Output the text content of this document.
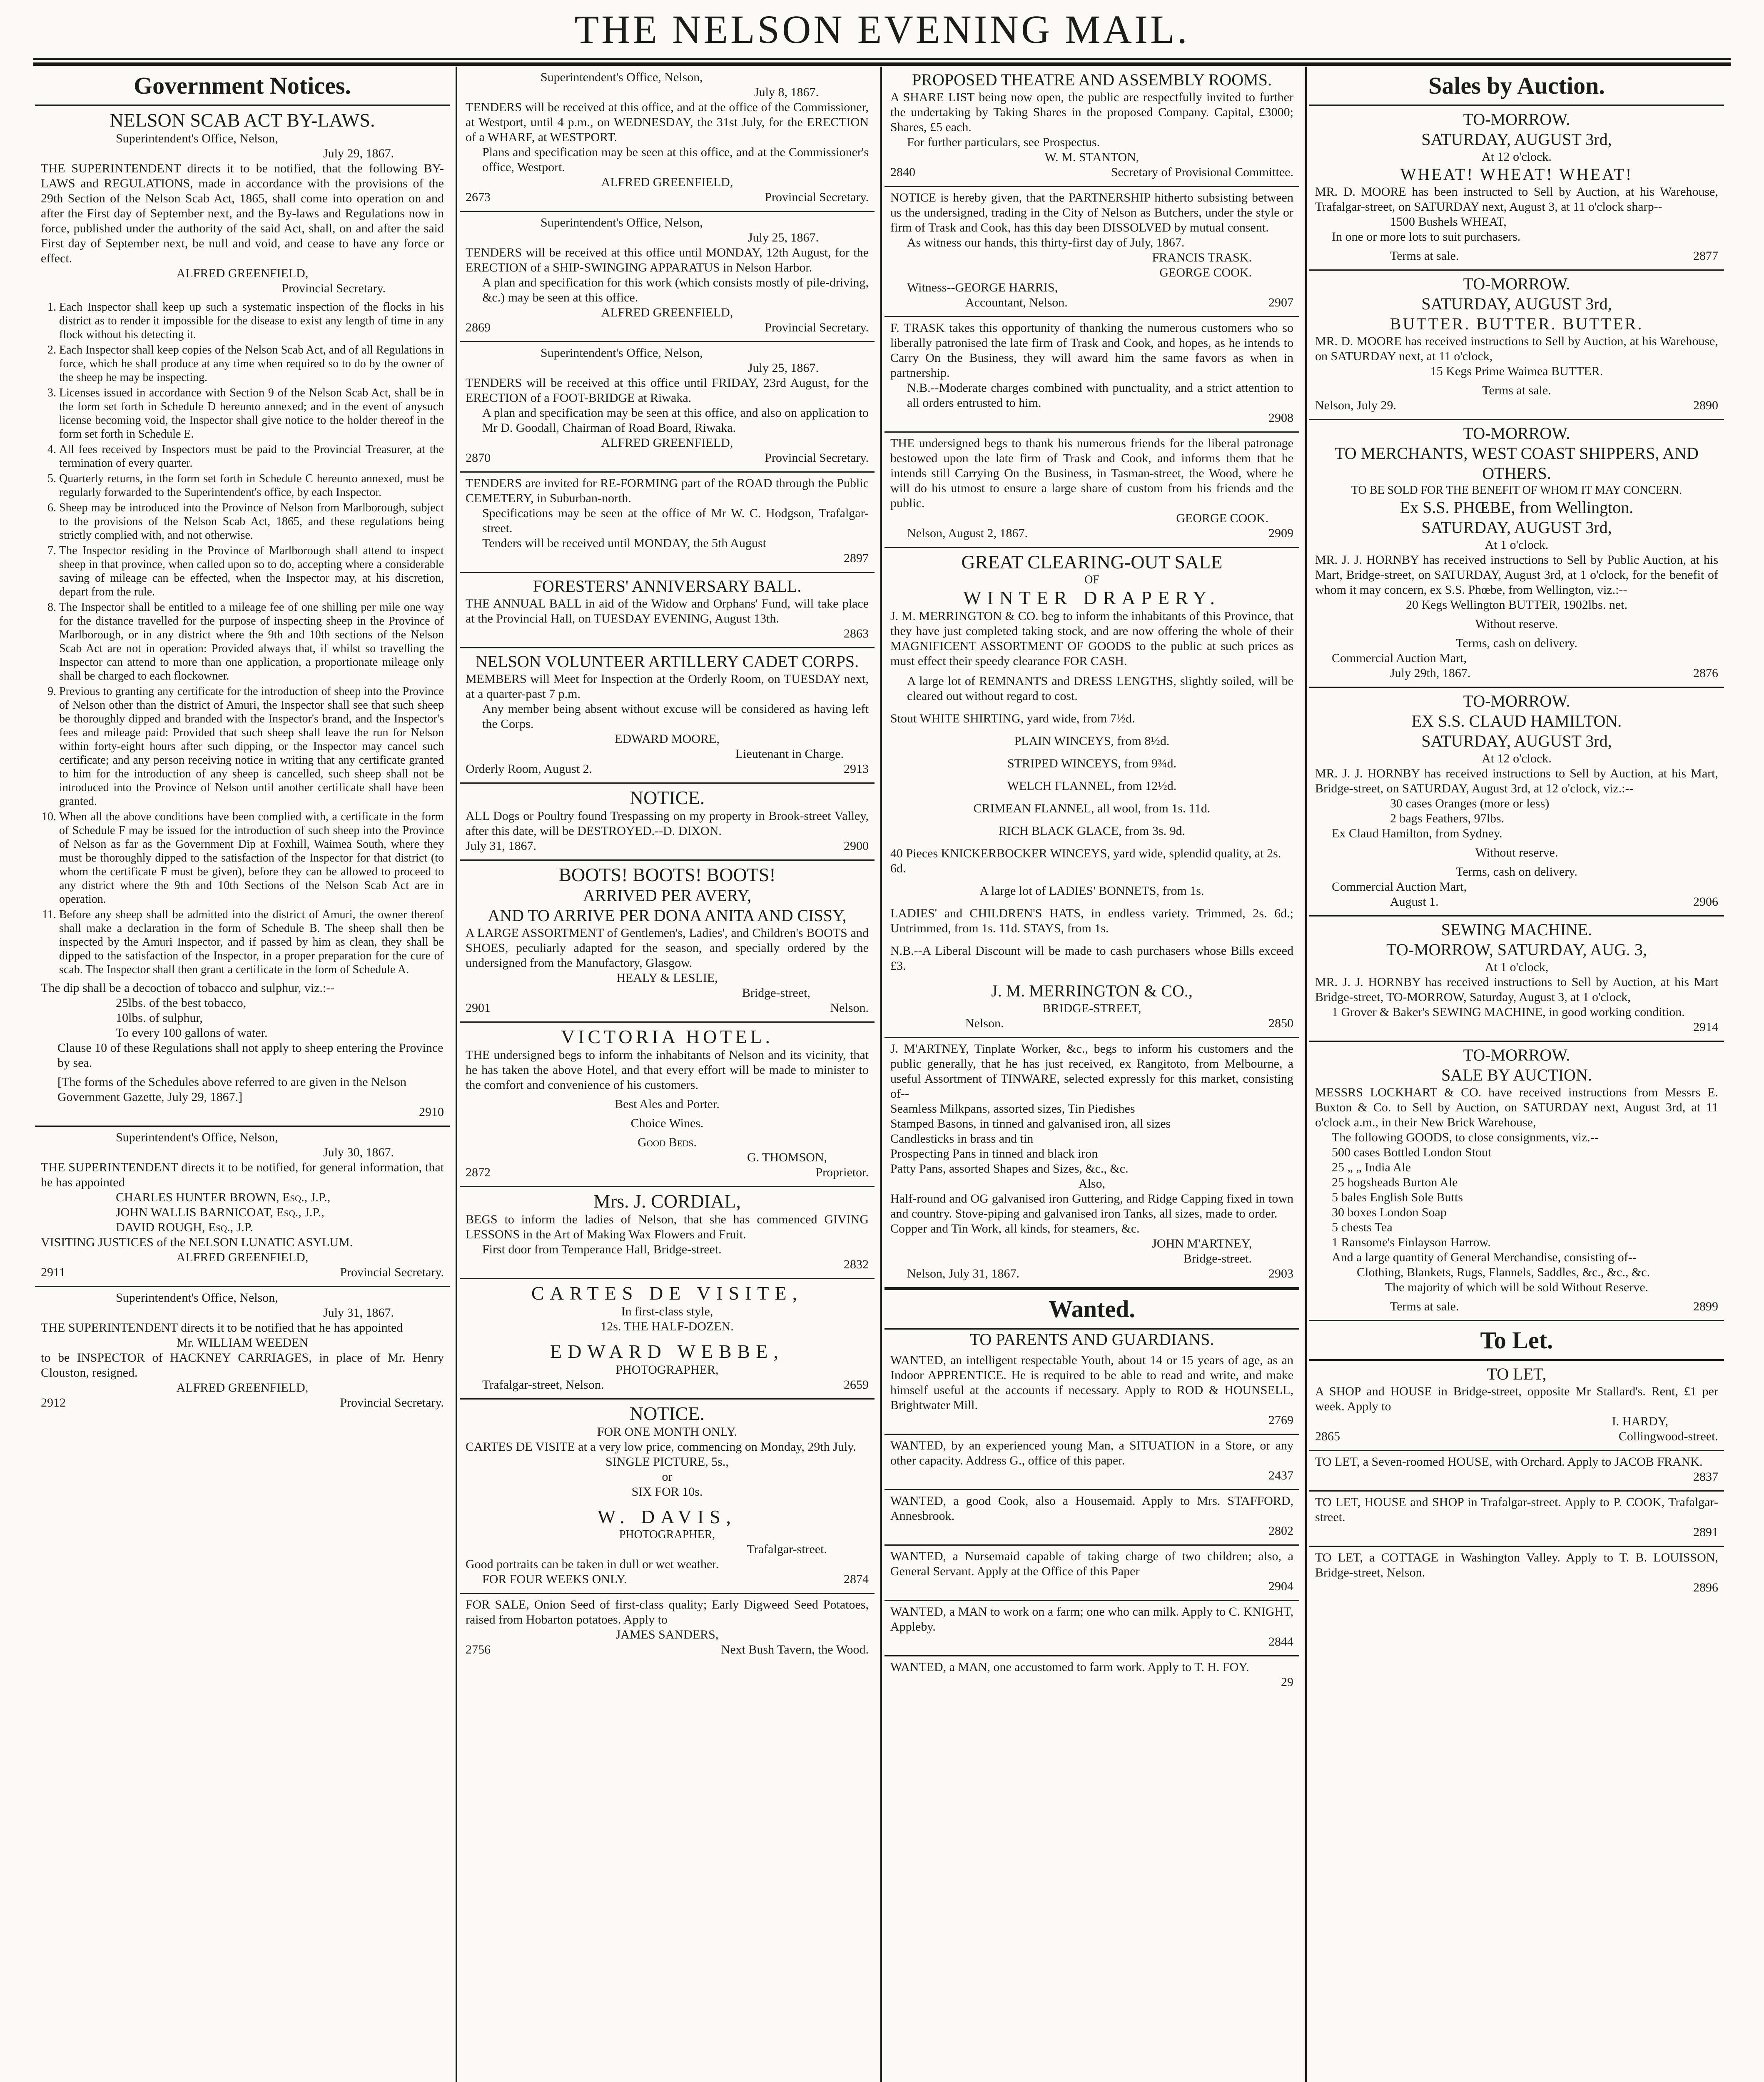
THE NELSON EVENING MAIL.
Government Notices.
NELSON SCAB ACT BY-LAWS.
Superintendent's Office, Nelson,
July 29, 1867.

THE SUPERINTENDENT directs it to be notified, that the following BY-LAWS and REGULATIONS, made in accordance with the provisions of the 29th Section of the Nelson Scab Act, 1865, shall come into operation on and after the First day of September next, and the By-laws and Regulations now in force, published under the authority of the said Act, shall, on and after the said First day of September next, be null and void, and cease to have any force or effect.

ALFRED GREENFIELD,
Provincial Secretary.
1. Each Inspector shall keep up such a systematic inspection of the flocks in his district as to render it impossible for the disease to exist any length of time in any flock without his detecting it.
2. Each Inspector shall keep copies of the Nelson Scab Act, and of all Regulations in force, which he shall produce at any time when required so to do by the owner of the sheep he may be inspecting.
3. Licenses issued in accordance with Section 9 of the Nelson Scab Act, shall be in the form set forth in Schedule D hereunto annexed; and in the event of anysuch license becoming void, the Inspector shall give notice to the holder thereof in the form set forth in Schedule E.
4. All fees received by Inspectors must be paid to the Provincial Treasurer, at the termination of every quarter.
5. Quarterly returns, in the form set forth in Schedule C hereunto annexed, must be regularly forwarded to the Superintendent's office, by each Inspector.
6. Sheep may be introduced into the Province of Nelson from Marlborough, subject to the provisions of the Nelson Scab Act, 1865, and these regulations being strictly complied with, and not otherwise.
7. The Inspector residing in the Province of Marlborough shall attend to inspect sheep in that province, when called upon so to do, accepting where a considerable saving of mileage can be effected, when the Inspector may, at his discretion, depart from the rule.
8. The Inspector shall be entitled to a mileage fee of one shilling per mile one way for the distance travelled for the purpose of inspecting sheep in the Province of Marlborough, or in any district where the 9th and 10th sections of the Nelson Scab Act are not in operation: Provided always that, if whilst so travelling the Inspector can attend to more than one application, a proportionate mileage only shall be charged to each flockowner.
9. Previous to granting any certificate for the introduction of sheep into the Province of Nelson other than the district of Amuri, the Inspector shall see that such sheep be thoroughly dipped and branded with the Inspector's brand, and the Inspector's fees and mileage paid: Provided that such sheep shall leave the run for Nelson within forty-eight hours after such dipping, or the Inspector may cancel such certificate; and any person receiving notice in writing that any certificate granted to him for the introduction of any sheep is cancelled, such sheep shall not be introduced into the Province of Nelson until another certificate shall have been granted.
10. When all the above conditions have been complied with, a certificate in the form of Schedule F may be issued for the introduction of such sheep into the Province of Nelson as far as the Government Dip at Foxhill, Waimea South, where they must be thoroughly dipped to the satisfaction of the Inspector for that district (to whom the certificate F must be given), before they can be allowed to proceed to any district where the 9th and 10th Sections of the Nelson Scab Act are in operation.
11. Before any sheep shall be admitted into the district of Amuri, the owner thereof shall make a declaration in the form of Schedule B. The sheep shall then be inspected by the Amuri Inspector, and if passed by him as clean, they shall be dipped to the satisfaction of the Inspector, in a proper preparation for the cure of scab. The Inspector shall then grant a certificate in the form of Schedule A.

The dip shall be a decoction of tobacco and sulphur, viz.:--

25lbs. of the best tobacco,
10lbs. of sulphur,
To every 100 gallons of water.

Clause 10 of these Regulations shall not apply to sheep entering the Province by sea.

[The forms of the Schedules above referred to are given in the Nelson Government Gazette, July 29, 1867.]

2910
Superintendent's Office, Nelson,
July 30, 1867.

THE SUPERINTENDENT directs it to be notified, for general information, that he has appointed

CHARLES HUNTER BROWN, Esq., J.P.,
JOHN WALLIS BARNICOAT, Esq., J.P.,
DAVID ROUGH, Esq., J.P.

VISITING JUSTICES of the NELSON LUNATIC ASYLUM.

ALFRED GREENFIELD,
2911	Provincial Secretary.
Superintendent's Office, Nelson,
July 31, 1867.

THE SUPERINTENDENT directs it to be notified that he has appointed

Mr. WILLIAM WEEDEN

to be INSPECTOR of HACKNEY CARRIAGES, in place of Mr. Henry Clouston, resigned.

ALFRED GREENFIELD,
2912	Provincial Secretary.
Superintendent's Office, Nelson,
July 8, 1867.

TENDERS will be received at this office, and at the office of the Commissioner, at Westport, until 4 p.m., on WEDNESDAY, the 31st July, for the ERECTION of a WHARF, at WESTPORT.

Plans and specification may be seen at this office, and at the Commissioner's office, Westport.

ALFRED GREENFIELD,
2673	Provincial Secretary.
Superintendent's Office, Nelson,
July 25, 1867.

TENDERS will be received at this office until MONDAY, 12th August, for the ERECTION of a SHIP-SWINGING APPARATUS in Nelson Harbor.

A plan and specification for this work (which consists mostly of pile-driving, &c.) may be seen at this office.

ALFRED GREENFIELD,
2869	Provincial Secretary.
Superintendent's Office, Nelson,
July 25, 1867.

TENDERS will be received at this office until FRIDAY, 23rd August, for the ERECTION of a FOOT-BRIDGE at Riwaka.

A plan and specification may be seen at this office, and also on application to Mr D. Goodall, Chairman of Road Board, Riwaka.

ALFRED GREENFIELD,
2870	Provincial Secretary.

TENDERS are invited for RE-FORMING part of the ROAD through the Public CEMETERY, in Suburban-north.

Specifications may be seen at the office of Mr W. C. Hodgson, Trafalgar-street.

Tenders will be received until MONDAY, the 5th August

2897
FORESTERS' ANNIVERSARY BALL.

THE ANNUAL BALL in aid of the Widow and Orphans' Fund, will take place at the Provincial Hall, on TUESDAY EVENING, August 13th.

2863
NELSON VOLUNTEER ARTILLERY CADET CORPS.

MEMBERS will Meet for Inspection at the Orderly Room, on TUESDAY next, at a quarter-past 7 p.m.

Any member being absent without excuse will be considered as having left the Corps.

EDWARD MOORE,
Lieutenant in Charge.
Orderly Room, August 2.	2913
NOTICE.

ALL Dogs or Poultry found Trespassing on my property in Brook-street Valley, after this date, will be DESTROYED.--D. DIXON.

July 31, 1867.	2900
BOOTS! BOOTS! BOOTS!
ARRIVED PER AVERY,
AND TO ARRIVE PER DONA ANITA AND CISSY,

A LARGE ASSORTMENT of Gentlemen's, Ladies', and Children's BOOTS and SHOES, peculiarly adapted for the season, and specially ordered by the undersigned from the Manufactory, Glasgow.

HEALY & LESLIE,
Bridge-street,
2901	Nelson.
VICTORIA HOTEL.

THE undersigned begs to inform the inhabitants of Nelson and its vicinity, that he has taken the above Hotel, and that every effort will be made to minister to the comfort and convenience of his customers.

Best Ales and Porter.
Choice Wines.
Good Beds.
G. THOMSON,
2872	Proprietor.
Mrs. J. CORDIAL,

BEGS to inform the ladies of Nelson, that she has commenced GIVING LESSONS in the Art of Making Wax Flowers and Fruit.

First door from Temperance Hall, Bridge-street.

2832
CARTES DE VISITE,
In first-class style,
12s. THE HALF-DOZEN.
EDWARD WEBBE,
PHOTOGRAPHER,
Trafalgar-street, Nelson.	2659
NOTICE.
FOR ONE MONTH ONLY.

CARTES DE VISITE at a very low price, commencing on Monday, 29th July.

SINGLE PICTURE, 5s.,
or
SIX FOR 10s.
W. DAVIS,
PHOTOGRAPHER,
Trafalgar-street.

Good portraits can be taken in dull or wet weather.

FOR FOUR WEEKS ONLY.	2874

FOR SALE, Onion Seed of first-class quality; Early Digweed Seed Potatoes, raised from Hobarton potatoes. Apply to

JAMES SANDERS,
2756	Next Bush Tavern, the Wood.
PROPOSED THEATRE AND ASSEMBLY ROOMS.

A SHARE LIST being now open, the public are respectfully invited to further the undertaking by Taking Shares in the proposed Company. Capital, £3000; Shares, £5 each.

For further particulars, see Prospectus.

W. M. STANTON,
2840	Secretary of Provisional Committee.

NOTICE is hereby given, that the PARTNERSHIP hitherto subsisting between us the undersigned, trading in the City of Nelson as Butchers, under the style or firm of Trask and Cook, has this day been DISSOLVED by mutual consent.

As witness our hands, this thirty-first day of July, 1867.

FRANCIS TRASK.
GEORGE COOK.
Witness--GEORGE HARRIS,
Accountant, Nelson.	2907

F. TRASK takes this opportunity of thanking the numerous customers who so liberally patronised the late firm of Trask and Cook, and hopes, as he intends to Carry On the Business, they will award him the same favors as when in partnership.

N.B.--Moderate charges combined with punctuality, and a strict attention to all orders entrusted to him.

2908

THE undersigned begs to thank his numerous friends for the liberal patronage bestowed upon the late firm of Trask and Cook, and informs them that he intends still Carrying On the Business, in Tasman-street, the Wood, where he will do his utmost to ensure a large share of custom from his friends and the public.

GEORGE COOK.
Nelson, August 2, 1867.	2909
GREAT CLEARING-OUT SALE
OF
WINTER DRAPERY.

J. M. MERRINGTON & CO. beg to inform the inhabitants of this Province, that they have just completed taking stock, and are now offering the whole of their MAGNIFICENT ASSORTMENT OF GOODS to the public at such prices as must effect their speedy clearance FOR CASH.

A large lot of REMNANTS and DRESS LENGTHS, slightly soiled, will be cleared out without regard to cost.

Stout WHITE SHIRTING, yard wide, from 7½d.

PLAIN WINCEYS, from 8½d.

STRIPED WINCEYS, from 9¾d.

WELCH FLANNEL, from 12½d.

CRIMEAN FLANNEL, all wool, from 1s. 11d.

RICH BLACK GLACE, from 3s. 9d.

40 Pieces KNICKERBOCKER WINCEYS, yard wide, splendid quality, at 2s. 6d.

A large lot of LADIES' BONNETS, from 1s.

LADIES' and CHILDREN'S HATS, in endless variety. Trimmed, 2s. 6d.; Untrimmed, from 1s. 11d. STAYS, from 1s.

N.B.--A Liberal Discount will be made to cash purchasers whose Bills exceed £3.

J. M. MERRINGTON & CO.,
BRIDGE-STREET,
Nelson.	2850

J. M'ARTNEY, Tinplate Worker, &c., begs to inform his customers and the public generally, that he has just received, ex Rangitoto, from Melbourne, a useful Assortment of TINWARE, selected expressly for this market, consisting of--

Seamless Milkpans, assorted sizes, Tin Piedishes
Stamped Basons, in tinned and galvanised iron, all sizes
Candlesticks in brass and tin
Prospecting Pans in tinned and black iron
Patty Pans, assorted Shapes and Sizes, &c., &c.
Also,

Half-round and OG galvanised iron Guttering, and Ridge Capping fixed in town and country. Stove-piping and galvanised iron Tanks, all sizes, made to order.

Copper and Tin Work, all kinds, for steamers, &c.

JOHN M'ARTNEY,
Bridge-street.
Nelson, July 31, 1867.	2903
Wanted.
TO PARENTS AND GUARDIANS.

WANTED, an intelligent respectable Youth, about 14 or 15 years of age, as an Indoor APPRENTICE. He is required to be able to read and write, and make himself useful at the accounts if necessary. Apply to ROD & HOUNSELL, Brightwater Mill.

2769

WANTED, by an experienced young Man, a SITUATION in a Store, or any other capacity. Address G., office of this paper.

2437

WANTED, a good Cook, also a Housemaid. Apply to Mrs. STAFFORD, Annesbrook.

2802

WANTED, a Nursemaid capable of taking charge of two children; also, a General Servant. Apply at the Office of this Paper

2904

WANTED, a MAN to work on a farm; one who can milk. Apply to C. KNIGHT, Appleby.

2844

WANTED, a MAN, one accustomed to farm work. Apply to T. H. FOY.

29
Sales by Auction.
TO-MORROW.
SATURDAY, AUGUST 3rd,
At 12 o'clock.
WHEAT! WHEAT! WHEAT!

MR. D. MOORE has been instructed to Sell by Auction, at his Warehouse, Trafalgar-street, on SATURDAY next, August 3, at 11 o'clock sharp--

1500 Bushels WHEAT,
In one or more lots to suit purchasers.
Terms at sale.	2877
TO-MORROW.
SATURDAY, AUGUST 3rd,
BUTTER. BUTTER. BUTTER.

MR. D. MOORE has received instructions to Sell by Auction, at his Warehouse, on SATURDAY next, at 11 o'clock,

15 Kegs Prime Waimea BUTTER.
Terms at sale.
Nelson, July 29.	2890
TO-MORROW.
TO MERCHANTS, WEST COAST SHIPPERS, AND OTHERS.
TO BE SOLD FOR THE BENEFIT OF WHOM IT MAY CONCERN.
Ex S.S. PHŒBE, from Wellington.
SATURDAY, AUGUST 3rd,
At 1 o'clock.

MR. J. J. HORNBY has received instructions to Sell by Public Auction, at his Mart, Bridge-street, on SATURDAY, August 3rd, at 1 o'clock, for the benefit of whom it may concern, ex S.S. Phœbe, from Wellington, viz.:--

20 Kegs Wellington BUTTER, 1902lbs. net.
Without reserve.
Terms, cash on delivery.
Commercial Auction Mart,
July 29th, 1867.	2876
TO-MORROW.
EX S.S. CLAUD HAMILTON.
SATURDAY, AUGUST 3rd,
At 12 o'clock.

MR. J. J. HORNBY has received instructions to Sell by Auction, at his Mart, Bridge-street, on SATURDAY, August 3rd, at 12 o'clock, viz.:--

30 cases Oranges (more or less)
2 bags Feathers, 97lbs.
Ex Claud Hamilton, from Sydney.
Without reserve.
Terms, cash on delivery.
Commercial Auction Mart,
August 1.	2906
SEWING MACHINE.
TO-MORROW, SATURDAY, AUG. 3,
At 1 o'clock,

MR. J. J. HORNBY has received instructions to Sell by Auction, at his Mart Bridge-street, TO-MORROW, Saturday, August 3, at 1 o'clock,

1 Grover & Baker's SEWING MACHINE, in good working condition.
2914
TO-MORROW.
SALE BY AUCTION.

MESSRS LOCKHART & CO. have received instructions from Messrs E. Buxton & Co. to Sell by Auction, on SATURDAY next, August 3rd, at 11 o'clock a.m., in their New Brick Warehouse,

The following GOODS, to close consignments, viz.--

500 cases Bottled London Stout
25 „ „ India Ale
25 hogsheads Burton Ale
5 bales English Sole Butts
30 boxes London Soap
5 chests Tea
1 Ransome's Finlayson Harrow.

And a large quantity of General Merchandise, consisting of--

Clothing, Blankets, Rugs, Flannels, Saddles, &c., &c., &c.

The majority of which will be sold Without Reserve.

Terms at sale.	2899
To Let.
TO LET,

A SHOP and HOUSE in Bridge-street, opposite Mr Stallard's. Rent, £1 per week. Apply to

I. HARDY,
2865	Collingwood-street.

TO LET, a Seven-roomed HOUSE, with Orchard. Apply to JACOB FRANK.

2837

TO LET, HOUSE and SHOP in Trafalgar-street. Apply to P. COOK, Trafalgar-street.

2891

TO LET, a COTTAGE in Washington Valley. Apply to T. B. LOUISSON, Bridge-street, Nelson.

2896
